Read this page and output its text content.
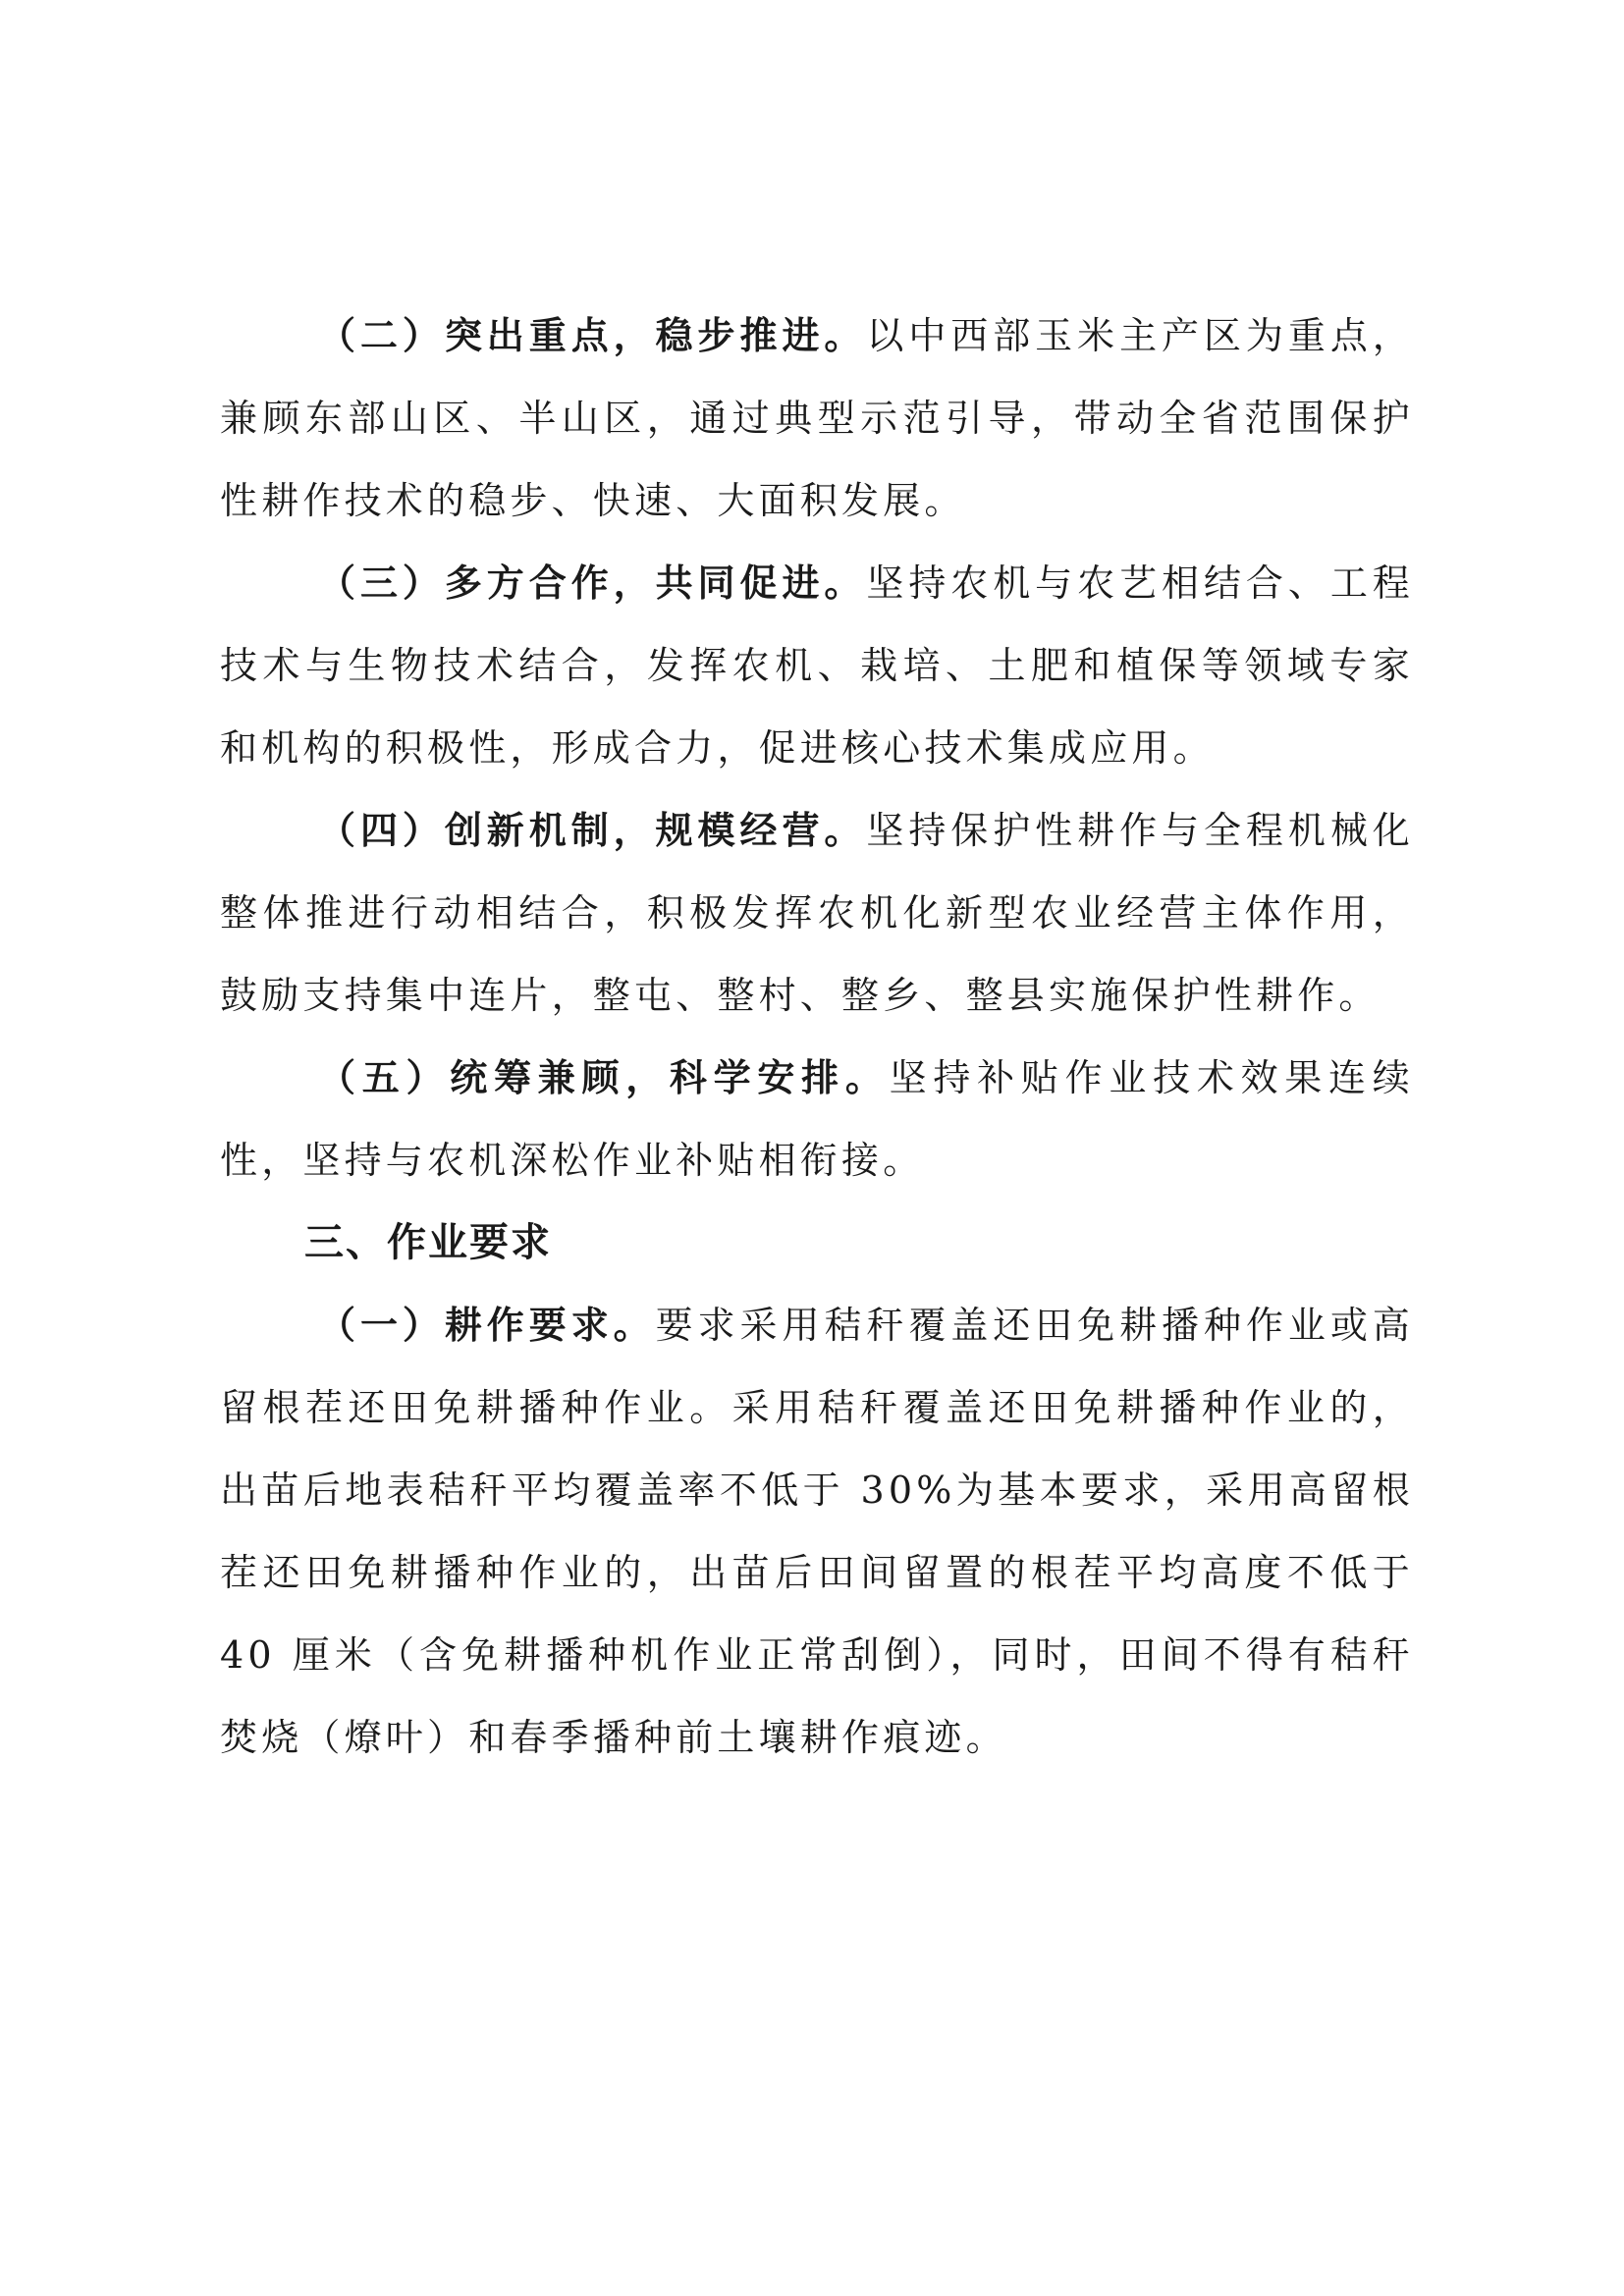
（二）突出重点，稳步推进。以中西部玉米主产区为重点，兼顾东部山区、半山区，通过典型示范引导，带动全省范围保护性耕作技术的稳步、快速、大面积发展。

（三）多方合作，共同促进。坚持农机与农艺相结合、工程技术与生物技术结合，发挥农机、栽培、土肥和植保等领域专家和机构的积极性，形成合力，促进核心技术集成应用。

（四）创新机制，规模经营。坚持保护性耕作与全程机械化整体推进行动相结合，积极发挥农机化新型农业经营主体作用，鼓励支持集中连片，整屯、整村、整乡、整县实施保护性耕作。

（五）统筹兼顾，科学安排。坚持补贴作业技术效果连续性，坚持与农机深松作业补贴相衔接。

三、作业要求

（一）耕作要求。要求采用秸秆覆盖还田免耕播种作业或高留根茬还田免耕播种作业。采用秸秆覆盖还田免耕播种作业的，出苗后地表秸秆平均覆盖率不低于 30%为基本要求，采用高留根茬还田免耕播种作业的，出苗后田间留置的根茬平均高度不低于 40 厘米（含免耕播种机作业正常刮倒），同时，田间不得有秸秆焚烧（燎叶）和春季播种前土壤耕作痕迹。
